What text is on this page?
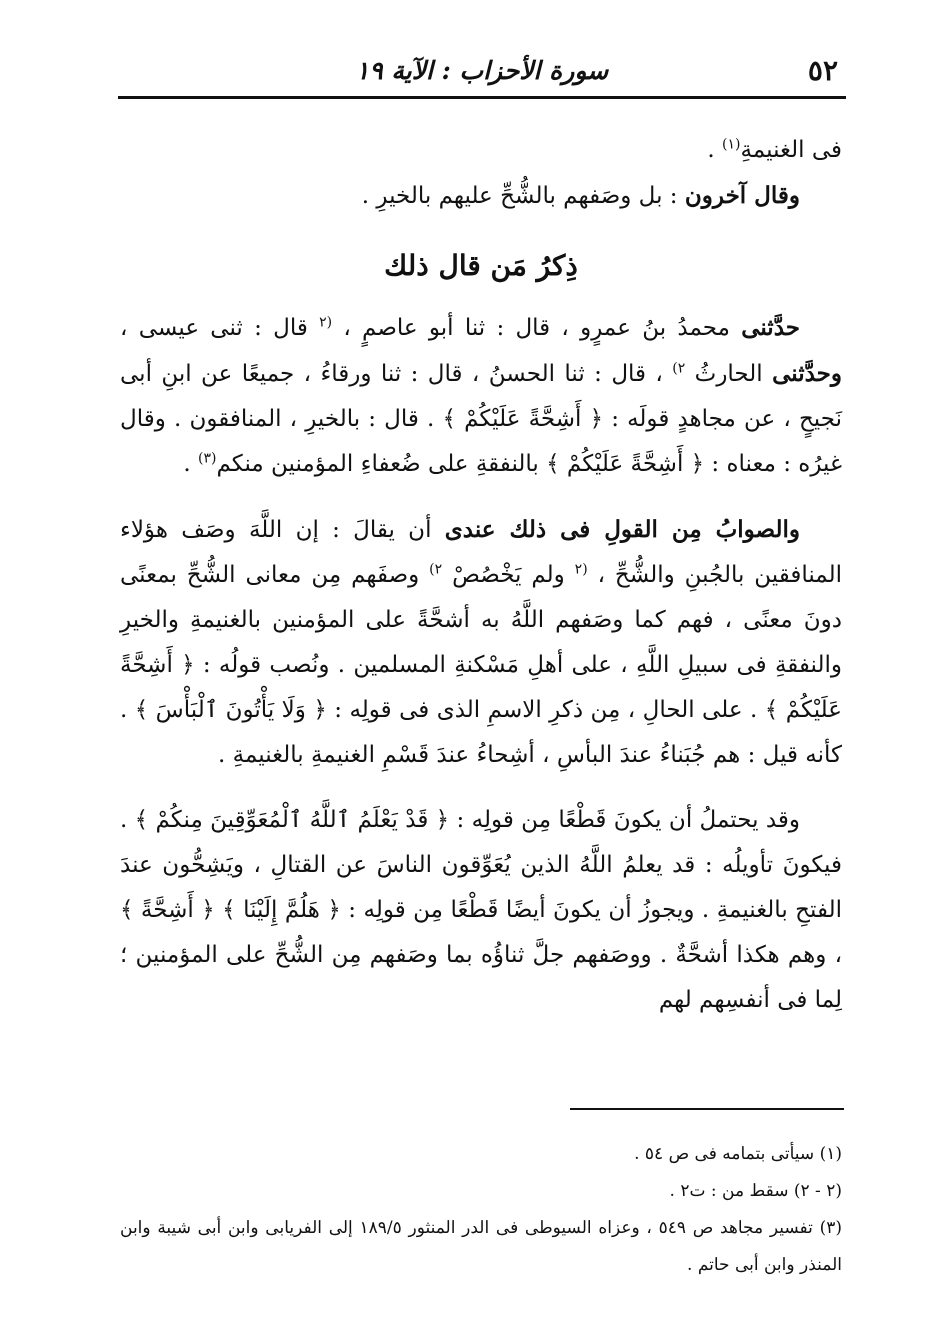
٥٢
سورة الأحزاب : الآية ١٩

فى الغنيمةِ$^{(١)}$ .

وقال آخرون : بل وصَفهم بالشُّحِّ عليهم بالخيرِ .

ذِكرُ مَن قال ذلك

حدَّثنى محمدُ بنُ عمرٍو ، قال : ثنا أبو عاصمٍ ، $^{(٢}$ قال : ثنى عيسى ، وحدَّثنى الحارثُ $^{٢)}$ ، قال : ثنا الحسنُ ، قال : ثنا ورقاءُ ، جميعًا عن ابنِ أبى نَجيحٍ ، عن مجاهدٍ قولَه : ﴿ أَشِحَّةً عَلَيْكُمْ ﴾ . قال : بالخيرِ ، المنافقون . وقال غيرُه : معناه : ﴿ أَشِحَّةً عَلَيْكُمْ ﴾ بالنفقةِ على ضُعفاءِ المؤمنين منكم$^{(٣)}$ .

والصوابُ مِن القولِ فى ذلك عندى أن يقالَ : إن اللَّهَ وصَف هؤلاء المنافقين بالجُبنِ والشُّحِّ ، $^{(٢}$ ولم يَخْصُصْ $^{٢)}$ وصفَهم مِن معانى الشُّحِّ بمعنًى دونَ معنًى ، فهم كما وصَفهم اللَّهُ به أشحَّةً على المؤمنين بالغنيمةِ والخيرِ والنفقةِ فى سبيلِ اللَّهِ ، على أهلِ مَسْكنةِ المسلمين . ونُصب قولُه : ﴿ أَشِحَّةً عَلَيْكُمْ ﴾ . على الحالِ ، مِن ذكرِ الاسمِ الذى فى قولِه : ﴿ وَلَا يَأْتُونَ ٱلْبَأْسَ ﴾ . كأنه قيل : هم جُبَناءُ عندَ البأسِ ، أشِحاءُ عندَ قَسْمِ الغنيمةِ بالغنيمةِ .

وقد يحتملُ أن يكونَ قَطْعًا مِن قولِه : ﴿ قَدْ يَعْلَمُ ٱللَّهُ ٱلْمُعَوِّقِينَ مِنكُمْ ﴾ . فيكونَ تأويلُه : قد يعلمُ اللَّهُ الذين يُعَوِّقون الناسَ عن القتالِ ، ويَشِحُّون عندَ الفتحِ بالغنيمةِ . ويجوزُ أن يكونَ أيضًا قَطْعًا مِن قولِه : ﴿ هَلُمَّ إِلَيْنَا ﴾ ﴿ أَشِحَّةً ﴾ ، وهم هكذا أشحَّةٌ . ووصَفهم جلَّ ثناؤُه بما وصَفهم مِن الشُّحِّ على المؤمنين ؛ لِما فى أنفسِهم لهم

(١) سيأتى بتمامه فى ص ٥٤ .

(٢ - ٢) سقط من : ت٢ .

(٣) تفسير مجاهد ص ٥٤٩ ، وعزاه السيوطى فى الدر المنثور ١٨٩/٥ إلى الفريابى وابن أبى شيبة وابن المنذر وابن أبى حاتم .
